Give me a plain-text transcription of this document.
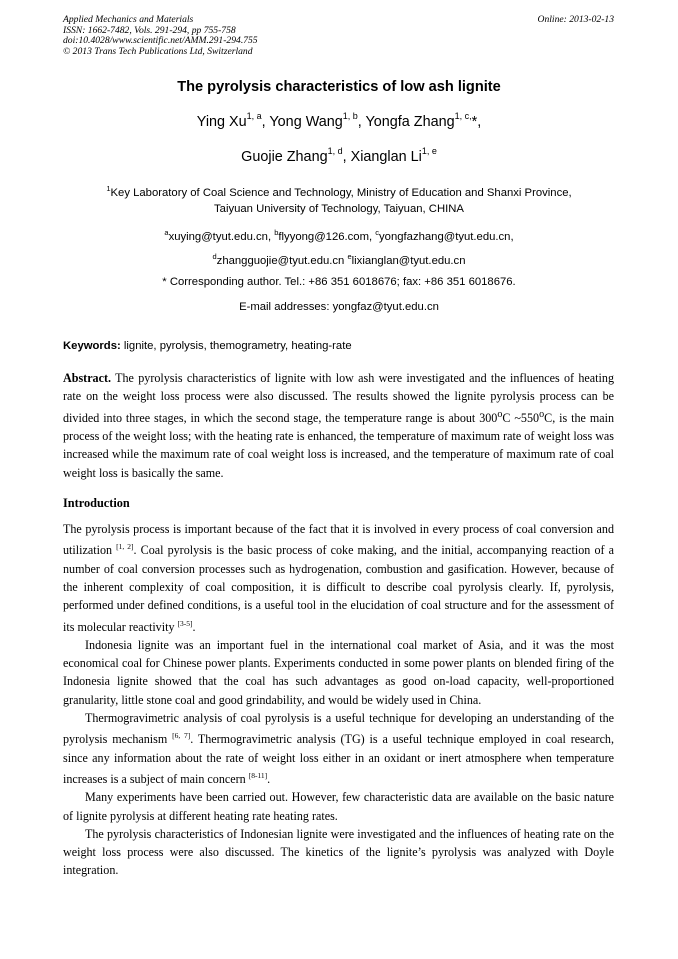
Applied Mechanics and Materials
ISSN: 1662-7482, Vols. 291-294, pp 755-758
doi:10.4028/www.scientific.net/AMM.291-294.755
© 2013 Trans Tech Publications Ltd, Switzerland
Online: 2013-02-13
The pyrolysis characteristics of low ash lignite
Ying Xu$^{1, a}$, Yong Wang$^{1, b}$, Yongfa Zhang$^{1, c,}$*,
Guojie Zhang$^{1, d}$, Xianglan Li$^{1, e}$
$^1$Key Laboratory of Coal Science and Technology, Ministry of Education and Shanxi Province,
Taiyuan University of Technology, Taiyuan, CHINA
$^a$xuying@tyut.edu.cn, $^b$flyyong@126.com, $^c$yongfazhang@tyut.edu.cn,
$^d$zhangguojie@tyut.edu.cn $^e$lixianglan@tyut.edu.cn
* Corresponding author. Tel.: +86 351 6018676; fax: +86 351 6018676.
E-mail addresses: yongfaz@tyut.edu.cn
Keywords: lignite, pyrolysis, themogrametry, heating-rate

Abstract. The pyrolysis characteristics of lignite with low ash were investigated and the influences of heating rate on the weight loss process were also discussed. The results showed the lignite pyrolysis process can be divided into three stages, in which the second stage, the temperature range is about 300$^o$C ~550$^o$C, is the main process of the weight loss; with the heating rate is enhanced, the temperature of maximum rate of weight loss was increased while the maximum rate of coal weight loss is increased, and the temperature of maximum rate of coal weight loss is basically the same.

Introduction

The pyrolysis process is important because of the fact that it is involved in every process of coal conversion and utilization [1, 2]. Coal pyrolysis is the basic process of coke making, and the initial, accompanying reaction of a number of coal conversion processes such as hydrogenation, combustion and gasification. However, because of the inherent complexity of coal composition, it is difficult to describe coal pyrolysis clearly. If, pyrolysis, performed under defined conditions, is a useful tool in the elucidation of coal structure and for the assessment of its molecular reactivity [3-5].

Indonesia lignite was an important fuel in the international coal market of Asia, and it was the most economical coal for Chinese power plants. Experiments conducted in some power plants on blended firing of the Indonesia lignite showed that the coal has such advantages as good on-load capacity, well-proportioned granularity, little stone coal and good grindability, and would be widely used in China.

Thermogravimetric analysis of coal pyrolysis is a useful technique for developing an understanding of the pyrolysis mechanism [6, 7]. Thermogravimetric analysis (TG) is a useful technique employed in coal research, since any information about the rate of weight loss either in an oxidant or inert atmosphere when temperature increases is a subject of main concern [8-11].

Many experiments have been carried out. However, few characteristic data are available on the basic nature of lignite pyrolysis at different heating rate heating rates.

The pyrolysis characteristics of Indonesian lignite were investigated and the influences of heating rate on the weight loss process were also discussed. The kinetics of the lignite’s pyrolysis was analyzed with Doyle integration.
